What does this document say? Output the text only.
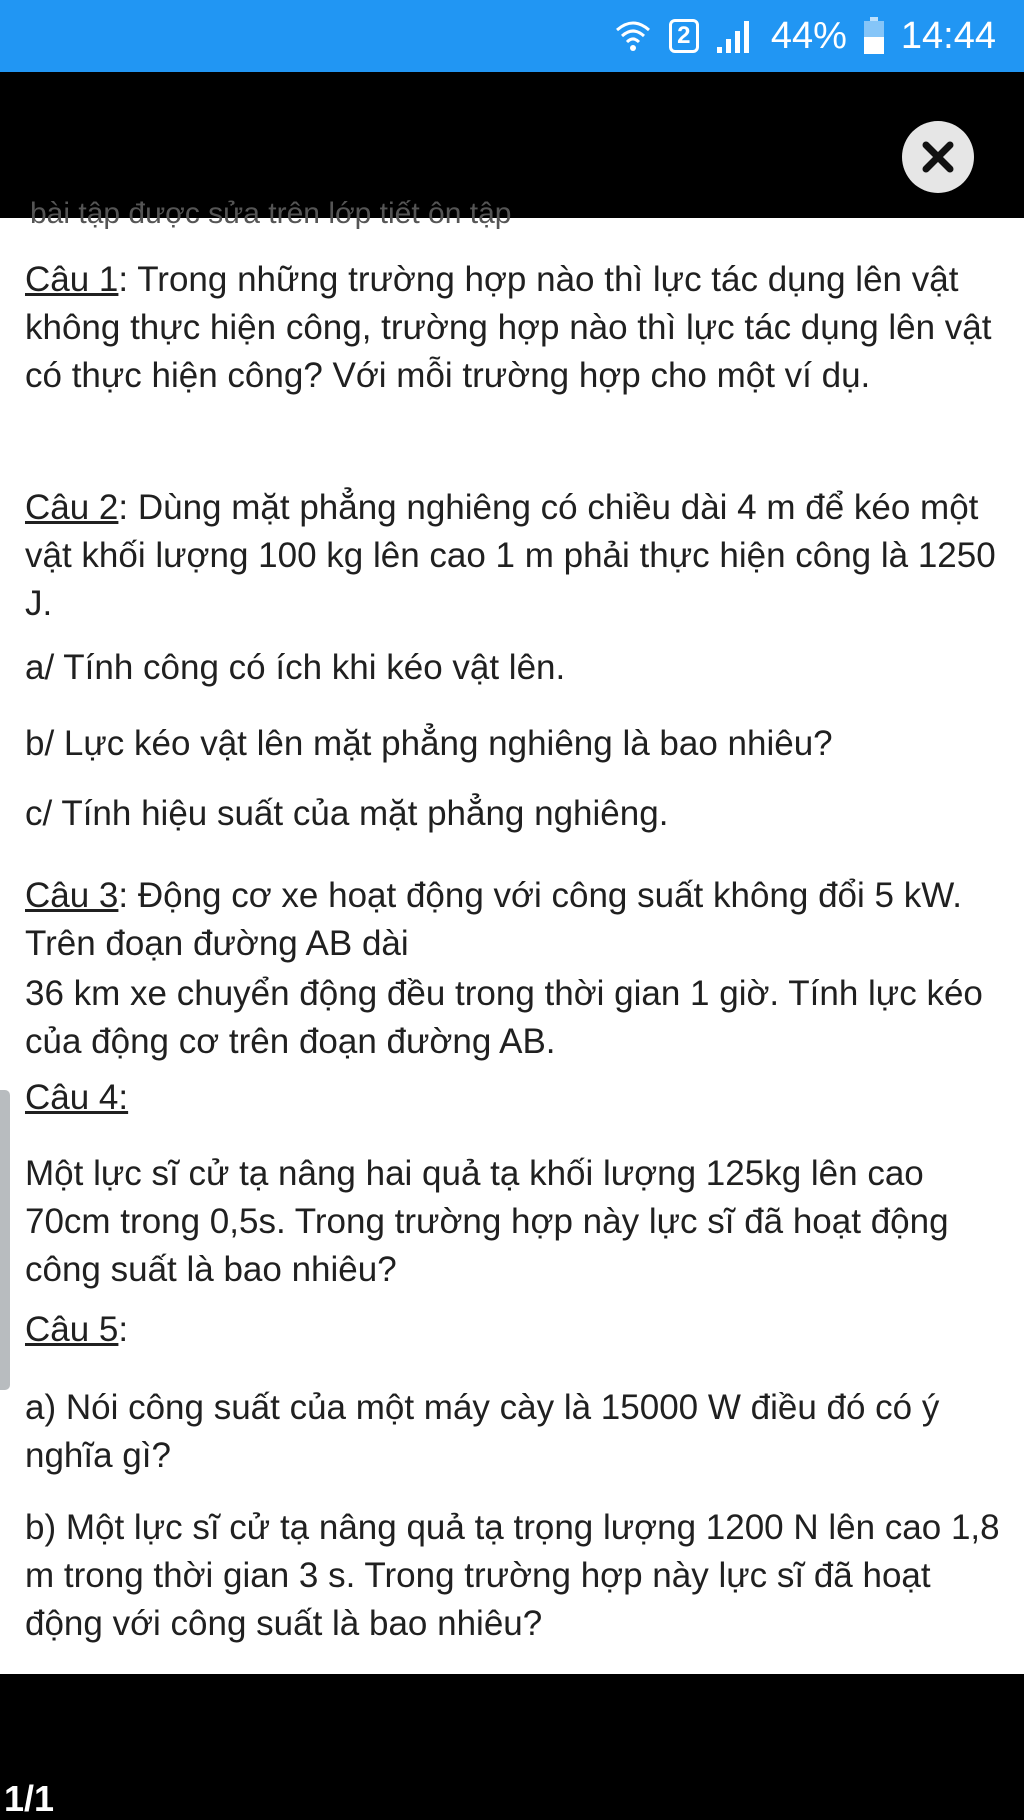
2 44% 14:44
bài tập được sửa trên lớp tiết ôn tập

Câu 1: Trong những trường hợp nào thì lực tác dụng lên vật không thực hiện công, trường hợp nào thì lực tác dụng lên vật có thực hiện công? Với mỗi trường hợp cho một ví dụ.

Câu 2: Dùng mặt phẳng nghiêng có chiều dài 4 m để kéo một vật khối lượng 100 kg lên cao 1 m phải thực hiện công là 1250 J.

a/ Tính công có ích khi kéo vật lên.

b/ Lực kéo vật lên mặt phẳng nghiêng là bao nhiêu?

c/ Tính hiệu suất của mặt phẳng nghiêng.

Câu 3: Động cơ xe hoạt động với công suất không đổi 5 kW. Trên đoạn đường AB dài

36 km xe chuyển động đều trong thời gian 1 giờ. Tính lực kéo của động cơ trên đoạn đường AB.

Câu 4:

Một lực sĩ cử tạ nâng hai quả tạ khối lượng 125kg lên cao 70cm trong 0,5s. Trong trường hợp này lực sĩ đã hoạt động công suất là bao nhiêu?

Câu 5:

a) Nói công suất của một máy cày là 15000 W điều đó có ý nghĩa gì?

b) Một lực sĩ cử tạ nâng quả tạ trọng lượng 1200 N lên cao 1,8 m trong thời gian 3 s. Trong trường hợp này lực sĩ đã hoạt động với công suất là bao nhiêu?

1/1
